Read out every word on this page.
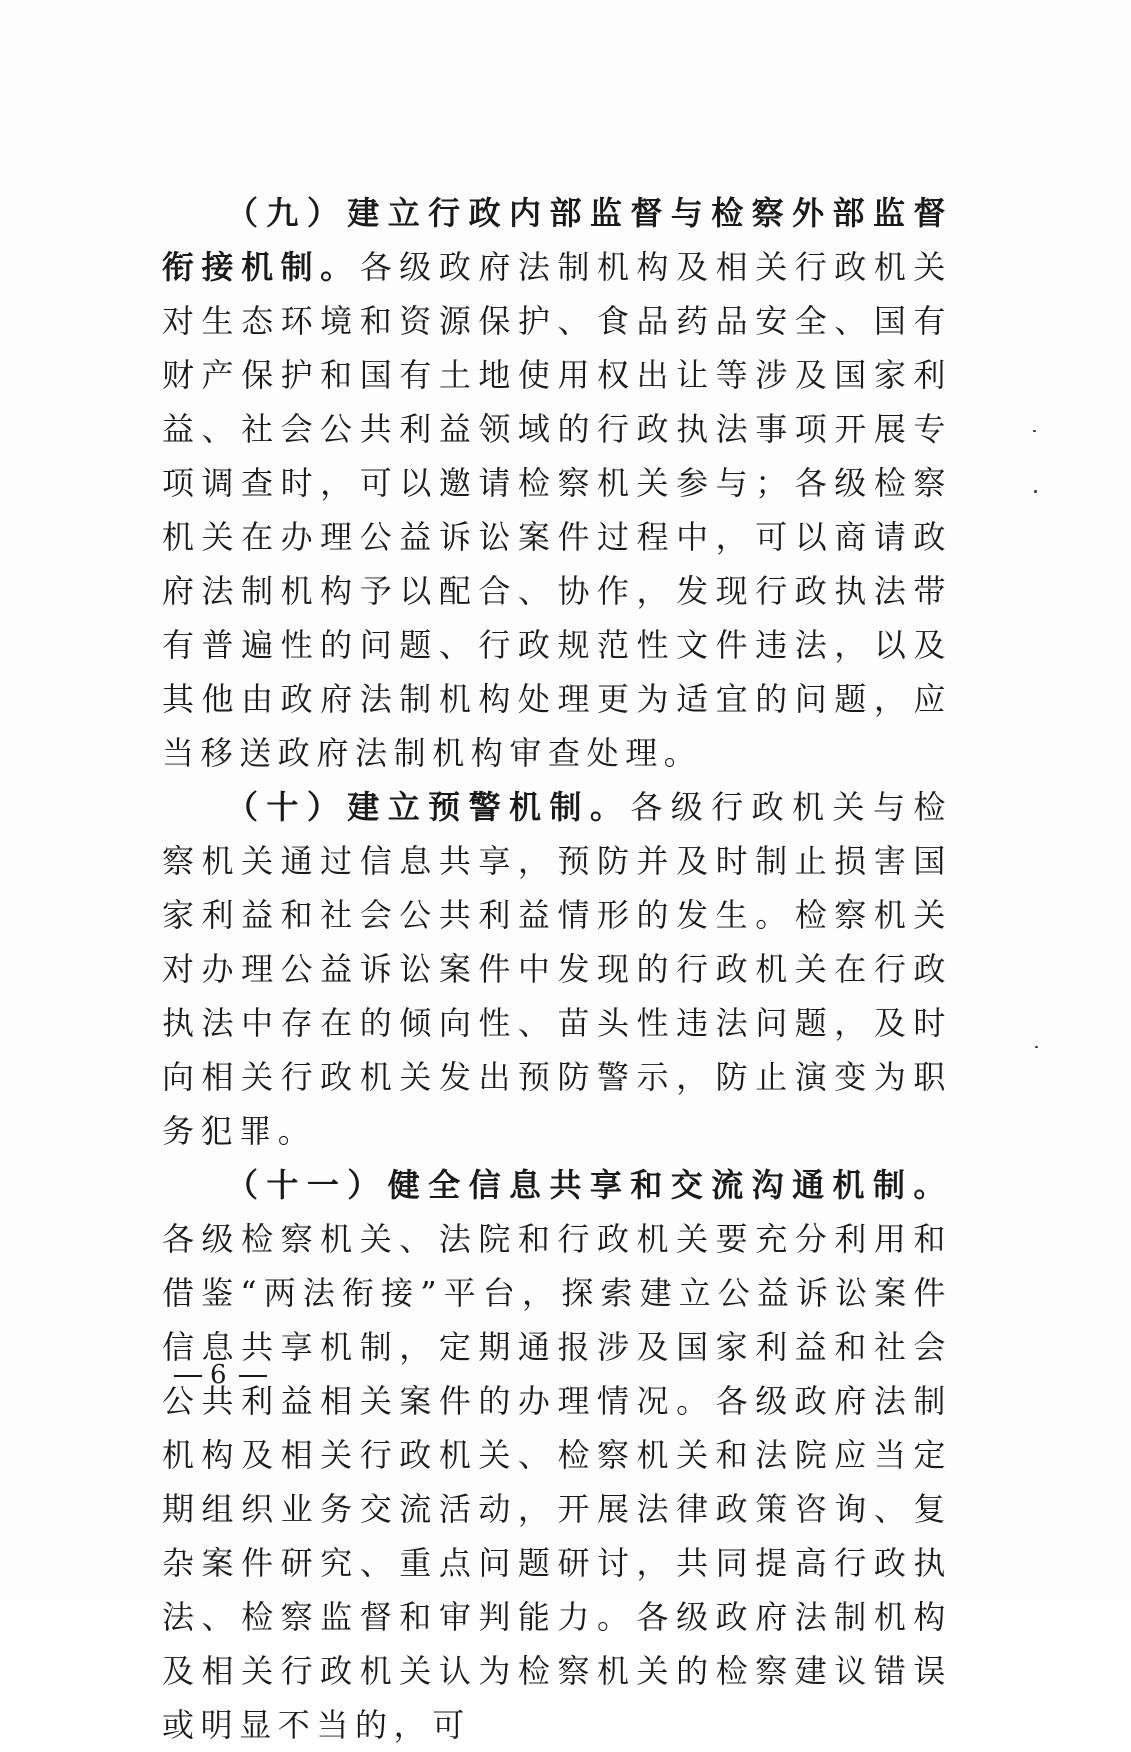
（九）建立行政内部监督与检察外部监督衔接机制。各级政府法制机构及相关行政机关对生态环境和资源保护、食品药品安全、国有财产保护和国有土地使用权出让等涉及国家利益、社会公共利益领域的行政执法事项开展专项调查时，可以邀请检察机关参与；各级检察机关在办理公益诉讼案件过程中，可以商请政府法制机构予以配合、协作，发现行政执法带有普遍性的问题、行政规范性文件违法，以及其他由政府法制机构处理更为适宜的问题，应当移送政府法制机构审查处理。

（十）建立预警机制。各级行政机关与检察机关通过信息共享，预防并及时制止损害国家利益和社会公共利益情形的发生。检察机关对办理公益诉讼案件中发现的行政机关在行政执法中存在的倾向性、苗头性违法问题，及时向相关行政机关发出预防警示，防止演变为职务犯罪。

（十一）健全信息共享和交流沟通机制。各级检察机关、法院和行政机关要充分利用和借鉴“两法衔接”平台，探索建立公益诉讼案件信息共享机制，定期通报涉及国家利益和社会公共利益相关案件的办理情况。各级政府法制机构及相关行政机关、检察机关和法院应当定期组织业务交流活动，开展法律政策咨询、复杂案件研究、重点问题研讨，共同提高行政执法、检察监督和审判能力。各级政府法制机构及相关行政机关认为检察机关的检察建议错误或明显不当的，可

6
